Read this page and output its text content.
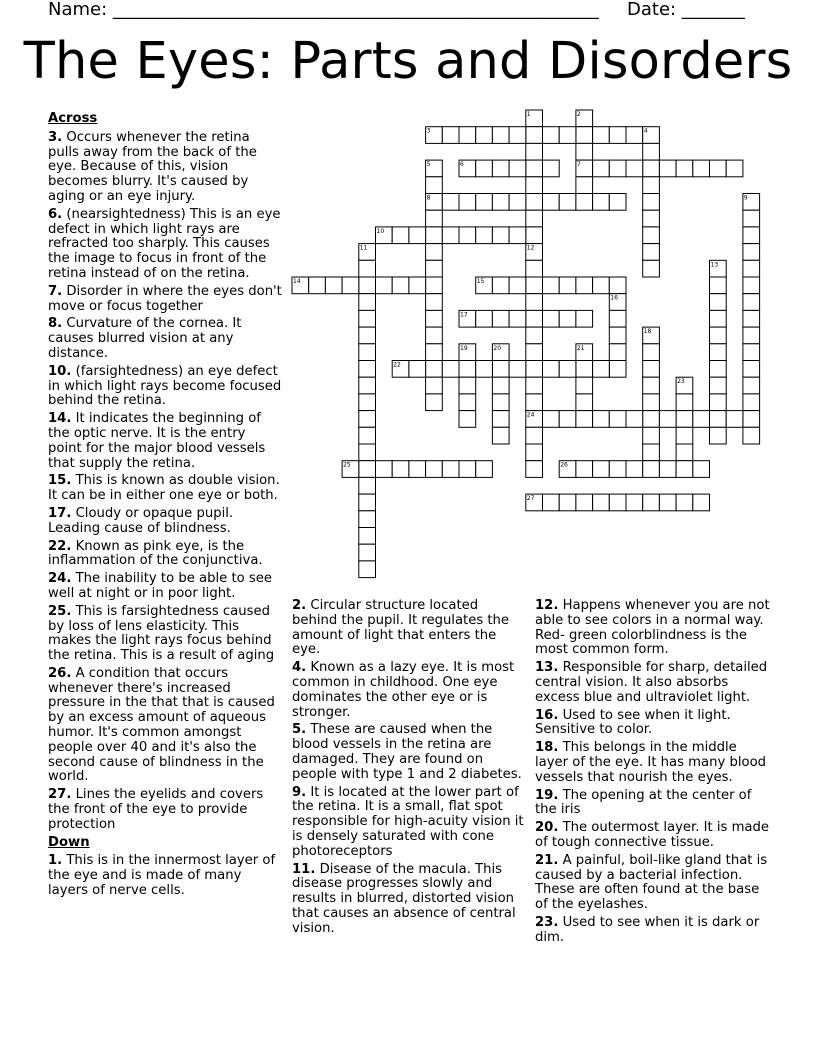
Name: ______________________________________________________ Date: _______
The Eyes: Parts and Disorders
1	2
3	4
5	6	7
8	9
10
11	12
13
14	15
16
17
18
19	20	21
22
23
24
25	26
27
Across
3. Occurs whenever the retina pulls away from the back of the eye. Because of this, vision becomes blurry. It's caused by aging or an eye injury.
6. (nearsightedness) This is an eye defect in which light rays are refracted too sharply. This causes the image to focus in front of the retina instead of on the retina.
7. Disorder in where the eyes don't move or focus together
8. Curvature of the cornea. It causes blurred vision at any distance.
10. (farsightedness) an eye defect in which light rays become focused behind the retina.
14. It indicates the beginning of the optic nerve. It is the entry point for the major blood vessels that supply the retina.
15. This is known as double vision. It can be in either one eye or both.
17. Cloudy or opaque pupil. Leading cause of blindness.
22. Known as pink eye, is the inflammation of the conjunctiva.
24. The inability to be able to see well at night or in poor light.
25. This is farsightedness caused by loss of lens elasticity. This makes the light rays focus behind the retina. This is a result of aging
26. A condition that occurs whenever there's increased pressure in the that that is caused by an excess amount of aqueous humor. It's common amongst people over 40 and it's also the second cause of blindness in the world.
27. Lines the eyelids and covers the front of the eye to provide protection
Down
1. This is in the innermost layer of the eye and is made of many layers of nerve cells.
2. Circular structure located behind the pupil. It regulates the amount of light that enters the eye.
4. Known as a lazy eye. It is most common in childhood. One eye dominates the other eye or is stronger.
5. These are caused when the blood vessels in the retina are damaged. They are found on people with type 1 and 2 diabetes.
9. It is located at the lower part of the retina. It is a small, flat spot responsible for high-acuity vision it is densely saturated with cone photoreceptors
11. Disease of the macula. This disease progresses slowly and results in blurred, distorted vision that causes an absence of central vision.
12. Happens whenever you are not able to see colors in a normal way. Red- green colorblindness is the most common form.
13. Responsible for sharp, detailed central vision. It also absorbs excess blue and ultraviolet light.
16. Used to see when it light. Sensitive to color.
18. This belongs in the middle layer of the eye. It has many blood vessels that nourish the eyes.
19. The opening at the center of the iris
20. The outermost layer. It is made of tough connective tissue.
21. A painful, boil-like gland that is caused by a bacterial infection. These are often found at the base of the eyelashes.
23. Used to see when it is dark or dim.
